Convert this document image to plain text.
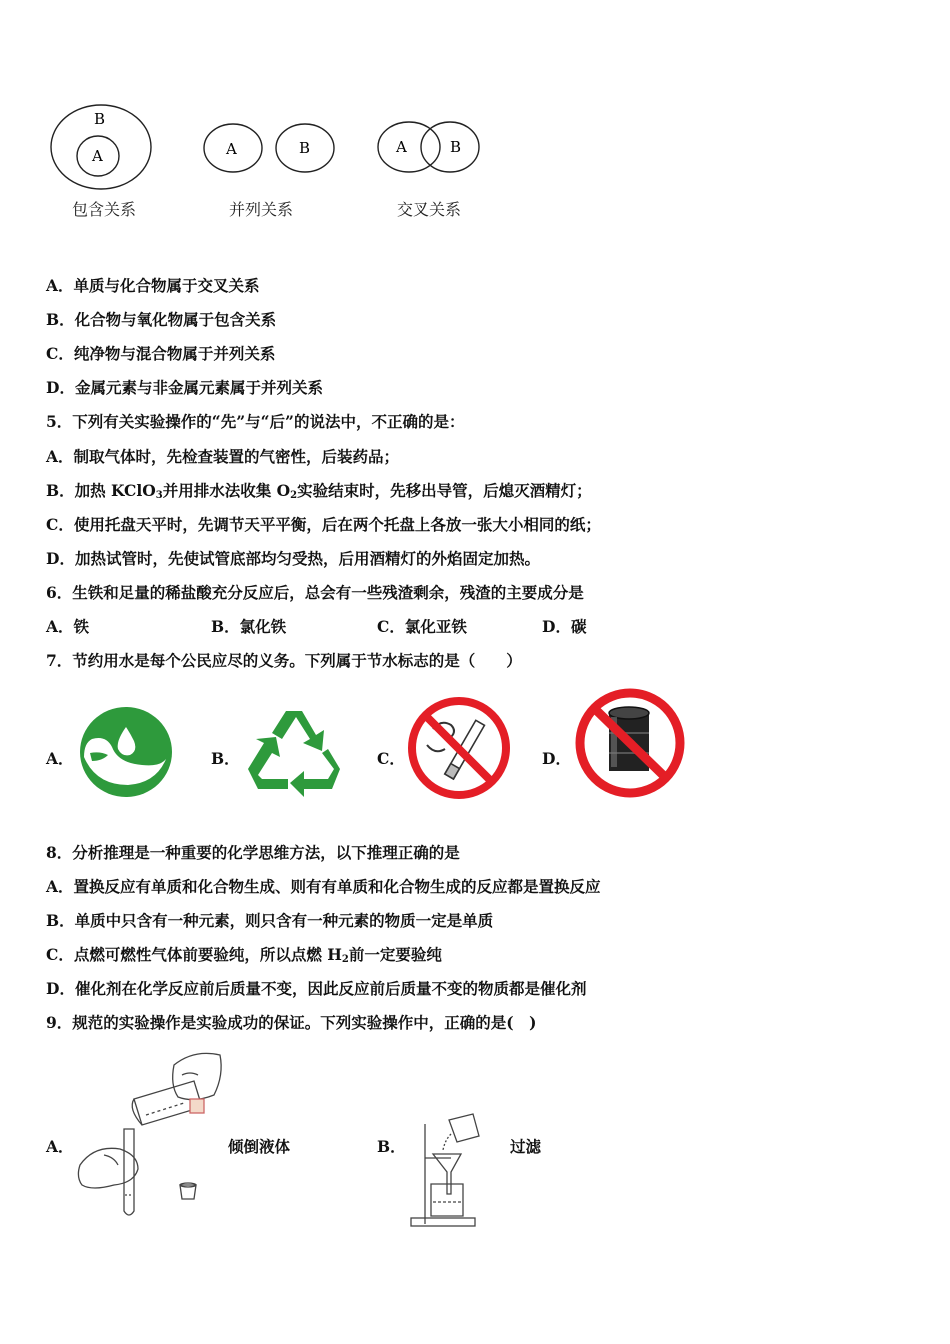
B
A	A	B	A	B
包含关系	并列关系	交叉关系
A．单质与化合物属于交叉关系
B．化合物与氧化物属于包含关系
C．纯净物与混合物属于并列关系
D．金属元素与非金属元素属于并列关系
5．下列有关实验操作的“先”与“后”的说法中，不正确的是：
A．制取气体时，先检查装置的气密性，后装药品；
B．加热 KClO$_3$并用排水法收集 $O_2$实验结束时，先移出导管，后熄灭酒精灯；
C．使用托盘天平时，先调节天平平衡，后在两个托盘上各放一张大小相同的纸；
D．加热试管时，先使试管底部均匀受热，后用酒精灯的外焰固定加热。
6．生铁和足量的稀盐酸充分反应后，总会有一些残渣剩余，残渣的主要成分是
A．铁	B．氯化铁	C．氯化亚铁	D．碳
7．节约用水是每个公民应尽的义务。下列属于节水标志的是（　　）
A．	B．	C．	D．
8．分析推理是一种重要的化学思维方法，以下推理正确的是
A．置换反应有单质和化合物生成、则有有单质和化合物生成的反应都是置换反应
B．单质中只含有一种元素，则只含有一种元素的物质一定是单质
C．点燃可燃性气体前要验纯，所以点燃 $H_2$前一定要验纯
D．催化剂在化学反应前后质量不变，因此反应前后质量不变的物质都是催化剂
9．规范的实验操作是实验成功的保证。下列实验操作中，正确的是(　)
A．	倾倒液体	B．	过滤
